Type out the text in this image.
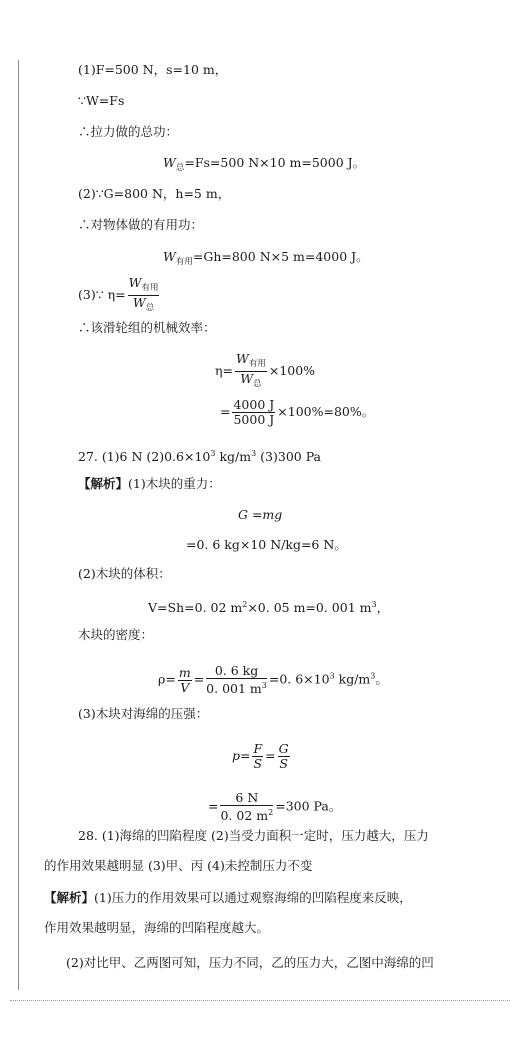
(1)F=500 N，s=10 m，
∵W=Fs
∴拉力做的总功：
$W_总=Fs=500$ N×10 m=5000 J。
(2)∵G=800 N，h=5 m，
∴对物体做的有用功：
$W_{有用}=Gh=800$ N×5 m=4000 J。
(3)∵ $\eta= \frac{W_{有用}}{W_总}$
∴该滑轮组的机械效率：
$\eta= \frac{W_{有用}}{W_总} \times 100\%$
= $\frac{4000 J}{5000 J} \times 100\%=80\%$。
27. (1)6 N $(2)0.6\times 10^3$ $kg/m^3$ (3)300 Pa
【解析】(1)木块的重力：
G =mg
=0. 6 kg×10 N/kg=6 N。
(2)木块的体积：
V=Sh=0. 02 $m^2\times 0$. 05 m=0. 001 $m^3$，
木块的密度：
$\rho= \frac{m}{V} = \frac{0. 6 kg}{0. 001 m^3} =0$. $6\times 10^3$ $kg/m^3$。
(3)木块对海绵的压强：
$p= \frac{F}{S} = \frac{G}{S}$
= $\frac{6 N}{0. 02 m^2} =300$ Pa。
28. (1)海绵的凹陷程度 (2)当受力面积一定时，压力越大，压力
的作用效果越明显 (3)甲、丙 (4)未控制压力不变
【解析】(1)压力的作用效果可以通过观察海绵的凹陷程度来反映，
作用效果越明显，海绵的凹陷程度越大。
(2)对比甲、乙两图可知，压力不同，乙的压力大，乙图中海绵的凹
